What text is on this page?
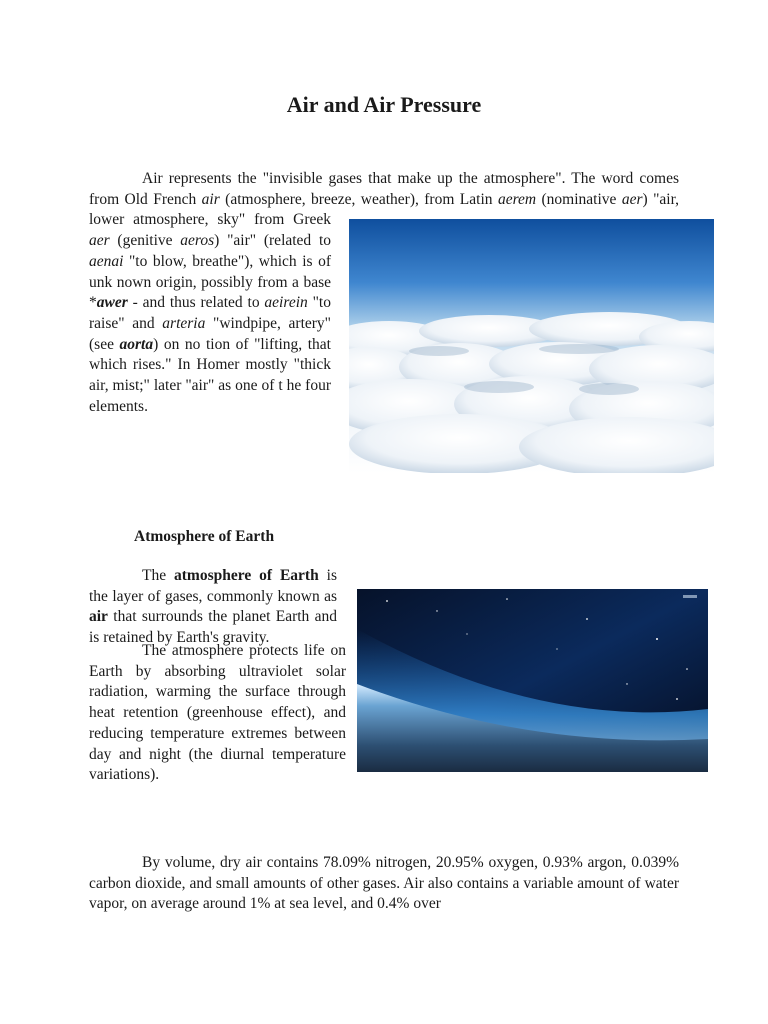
Air and Air Pressure

Air represents the "invisible gases that make up the atmosphere". The word comes from Old French air (atmosphere, breeze, weather), from Latin aerem (nominative aer) "air, lower atmosphere, sky" from Greek aer (genitive aeros) "air" (related to aenai "to blow, breathe"), which is of unk nown origin, possibly from a base *awer - and thus related to aeirein "to raise" and arteria "windpipe, artery" (see aorta) on no tion of "lifting, that which rises." In Homer mostly "thick air, mist;" later "air" as one of t he four elements.

Atmosphere of Earth

The atmosphere of Earth is the layer of gases, commonly known as air that surrounds the planet Earth and is retained by Earth's gravity.

The atmosphere protects life on Earth by absorbing ultraviolet solar radiation, warming the surface through heat retention (greenhouse effect), and reducing temperature extremes between day and night (the diurnal temperature variations).

By volume, dry air contains 78.09% nitrogen, 20.95% oxygen, 0.93% argon, 0.039% carbon dioxide, and small amounts of other gases. Air also contains a variable amount of water vapor, on average around 1% at sea level, and 0.4% over
